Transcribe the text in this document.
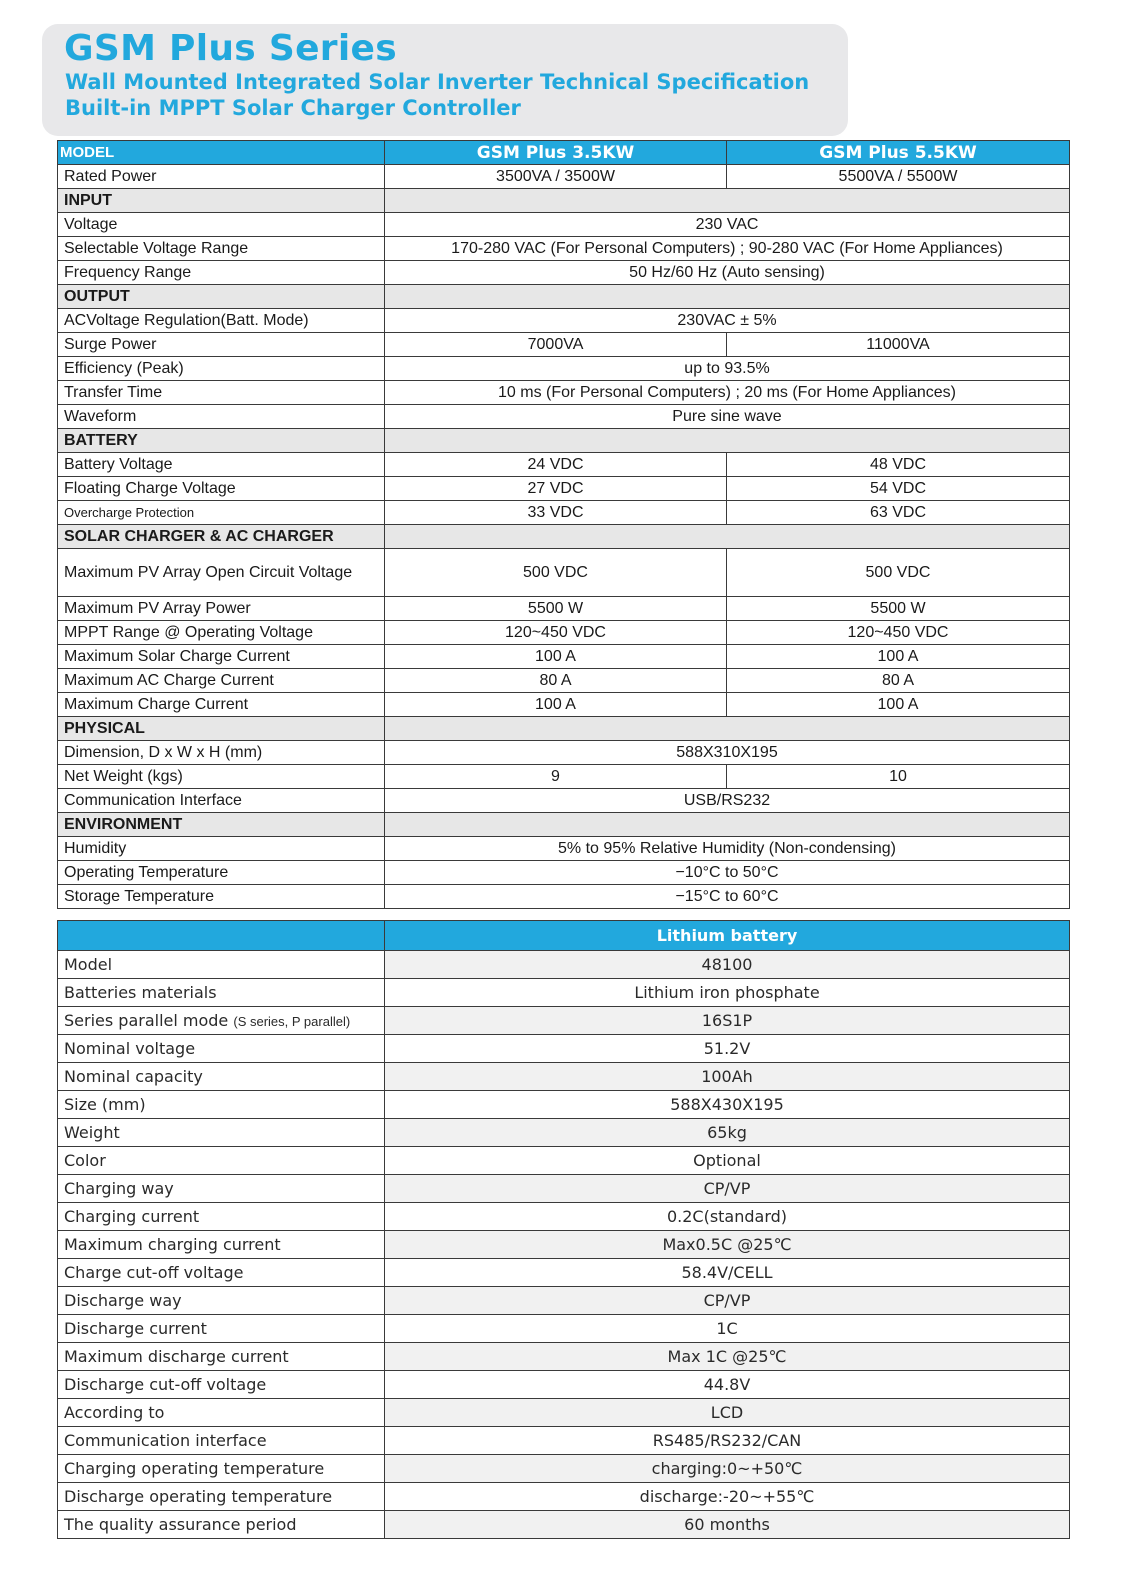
GSM Plus Series
Wall Mounted Integrated Solar Inverter Technical Specification
Built-in MPPT Solar Charger Controller
MODEL	GSM Plus 3.5KW	GSM Plus 5.5KW
Rated Power	3500VA / 3500W	5500VA / 5500W
INPUT		
Voltage	230 VAC	
Selectable Voltage Range	170-280 VAC (For Personal Computers) ; 90-280 VAC (For Home Appliances)	
Frequency Range	50 Hz/60 Hz (Auto sensing)	
OUTPUT		
ACVoltage Regulation(Batt. Mode)	230VAC ± 5%	
Surge Power	7000VA	11000VA
Efficiency (Peak)	up to 93.5%	
Transfer Time	10 ms (For Personal Computers) ; 20 ms (For Home Appliances)	
Waveform	Pure sine wave	
BATTERY		
Battery Voltage	24 VDC	48 VDC
Floating Charge Voltage	27 VDC	54 VDC
Overcharge Protection	33 VDC	63 VDC
SOLAR CHARGER & AC CHARGER		
Maximum PV Array Open Circuit Voltage	500 VDC	500 VDC
Maximum PV Array Power	5500 W	5500 W
MPPT Range @ Operating Voltage	120~450 VDC	120~450 VDC
Maximum Solar Charge Current	100 A	100 A
Maximum AC Charge Current	80 A	80 A
Maximum Charge Current	100 A	100 A
PHYSICAL		
Dimension, D x W x H (mm)	588X310X195	
Net Weight (kgs)	9	10
Communication Interface	USB/RS232	
ENVIRONMENT		
Humidity	5% to 95% Relative Humidity (Non-condensing)	
Operating Temperature	−10°C to 50°C	
Storage Temperature	−15°C to 60°C	
	Lithium battery
Model	48100
Batteries materials	Lithium iron phosphate
Series parallel mode (S series, P parallel)	16S1P
Nominal voltage	51.2V
Nominal capacity	100Ah
Size (mm)	588X430X195
Weight	65kg
Color	Optional
Charging way	CP/VP
Charging current	0.2C(standard)
Maximum charging current	Max0.5C @25℃
Charge cut-off voltage	58.4V/CELL
Discharge way	CP/VP
Discharge current	1C
Maximum discharge current	Max 1C @25℃
Discharge cut-off voltage	44.8V
According to	LCD
Communication interface	RS485/RS232/CAN
Charging operating temperature	charging:0~+50℃
Discharge operating temperature	discharge:-20~+55℃
The quality assurance period	60 months
